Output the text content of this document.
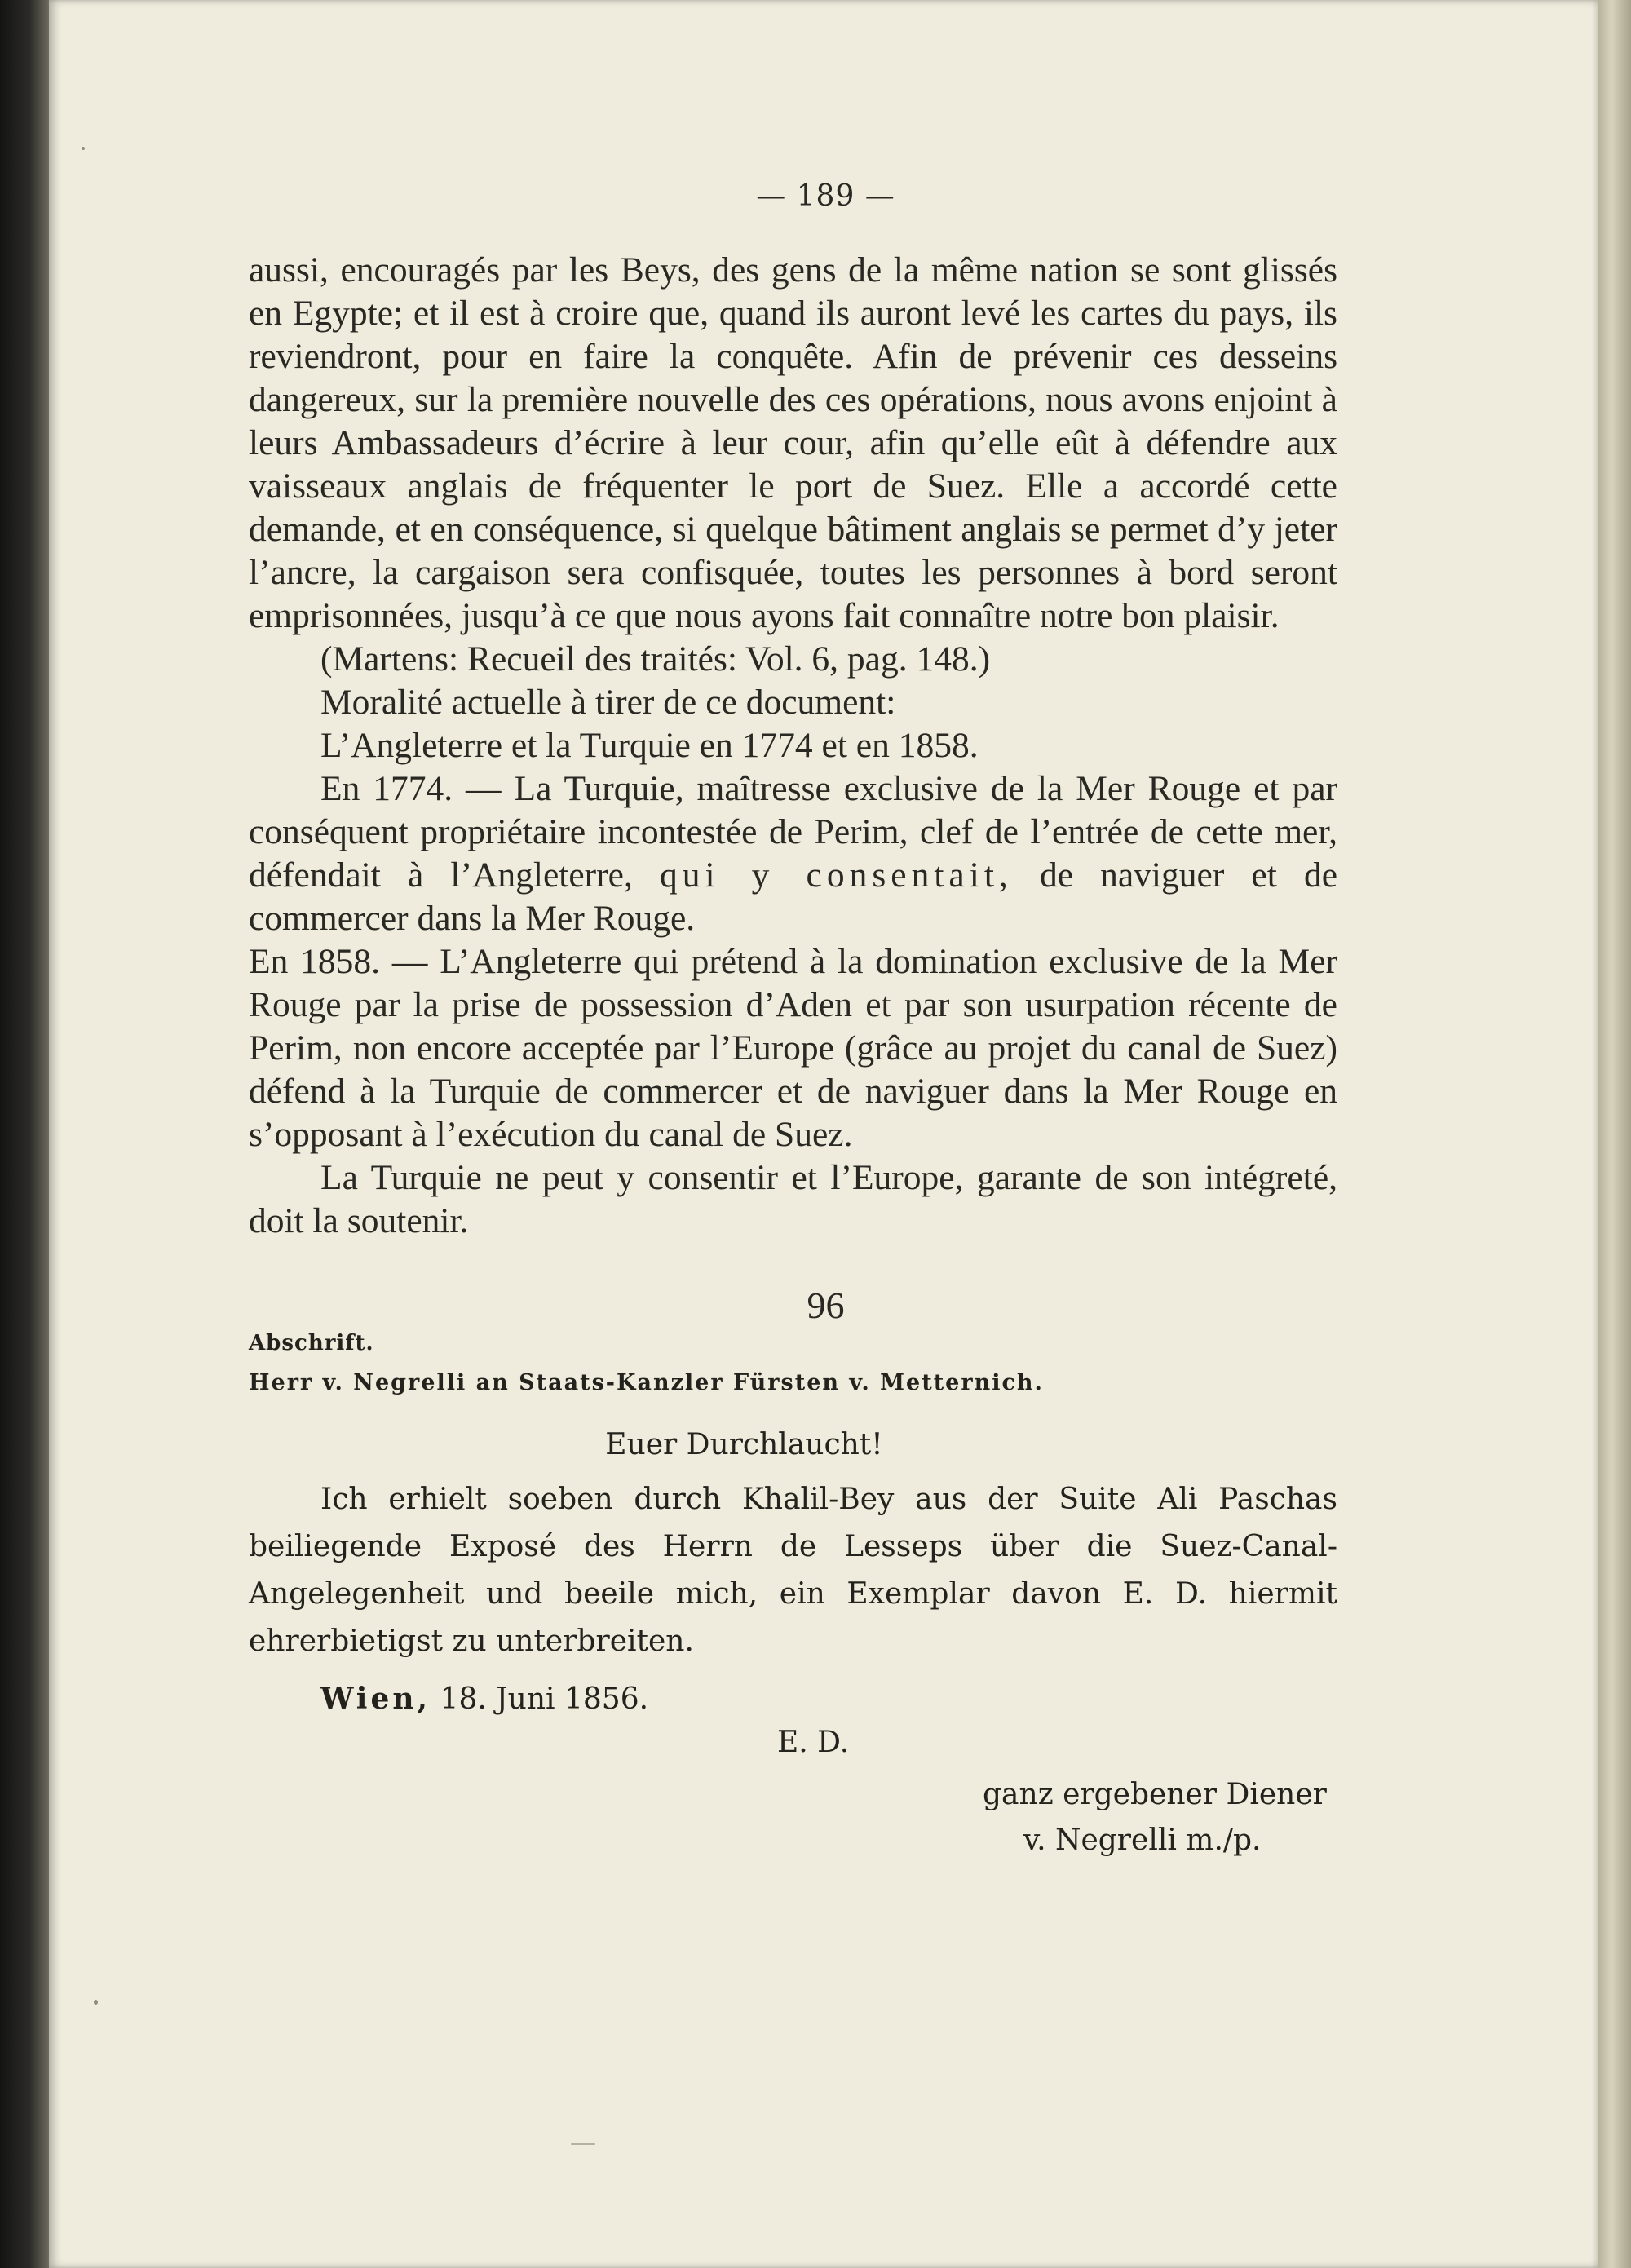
— 189 —

aussi, encouragés par les Beys, des gens de la même nation se sont glissés en Egypte; et il est à croire que, quand ils auront levé les cartes du pays, ils reviendront, pour en faire la conquête. Afin de prévenir ces desseins dangereux, sur la première nouvelle des ces opérations, nous avons enjoint à leurs Ambassadeurs d’écrire à leur cour, afin qu’elle eût à défendre aux vaisseaux anglais de fréquenter le port de Suez. Elle a accordé cette demande, et en conséquence, si quelque bâtiment anglais se permet d’y jeter l’ancre, la cargaison sera confisquée, toutes les personnes à bord seront emprisonnées, jusqu’à ce que nous ayons fait connaître notre bon plaisir.

(Martens: Recueil des traités: Vol. 6, pag. 148.)

Moralité actuelle à tirer de ce document:

L’Angleterre et la Turquie en 1774 et en 1858.

En 1774. — La Turquie, maîtresse exclusive de la Mer Rouge et par conséquent propriétaire incontestée de Perim, clef de l’entrée de cette mer, défendait à l’Angleterre, qui y consentait, de naviguer et de commercer dans la Mer Rouge.

En 1858. — L’Angleterre qui prétend à la domination exclusive de la Mer Rouge par la prise de possession d’Aden et par son usurpation récente de Perim, non encore acceptée par l’Europe (grâce au projet du canal de Suez) défend à la Turquie de commercer et de naviguer dans la Mer Rouge en s’opposant à l’exécution du canal de Suez.

La Turquie ne peut y consentir et l’Europe, garante de son intégreté, doit la soutenir.

96
Abschrift.
Herr v. Negrelli an Staats-Kanzler Fürsten v. Metternich.
Euer Durchlaucht!
Ich erhielt soeben durch Khalil-Bey aus der Suite Ali Paschas beiliegende Exposé des Herrn de Lesseps über die Suez-Canal-Angelegenheit und beeile mich, ein Exemplar davon E. D. hiermit ehrerbietigst zu unterbreiten.
Wien, 18. Juni 1856.
E. D.
ganz ergebener Diener
v. Negrelli m./p.
